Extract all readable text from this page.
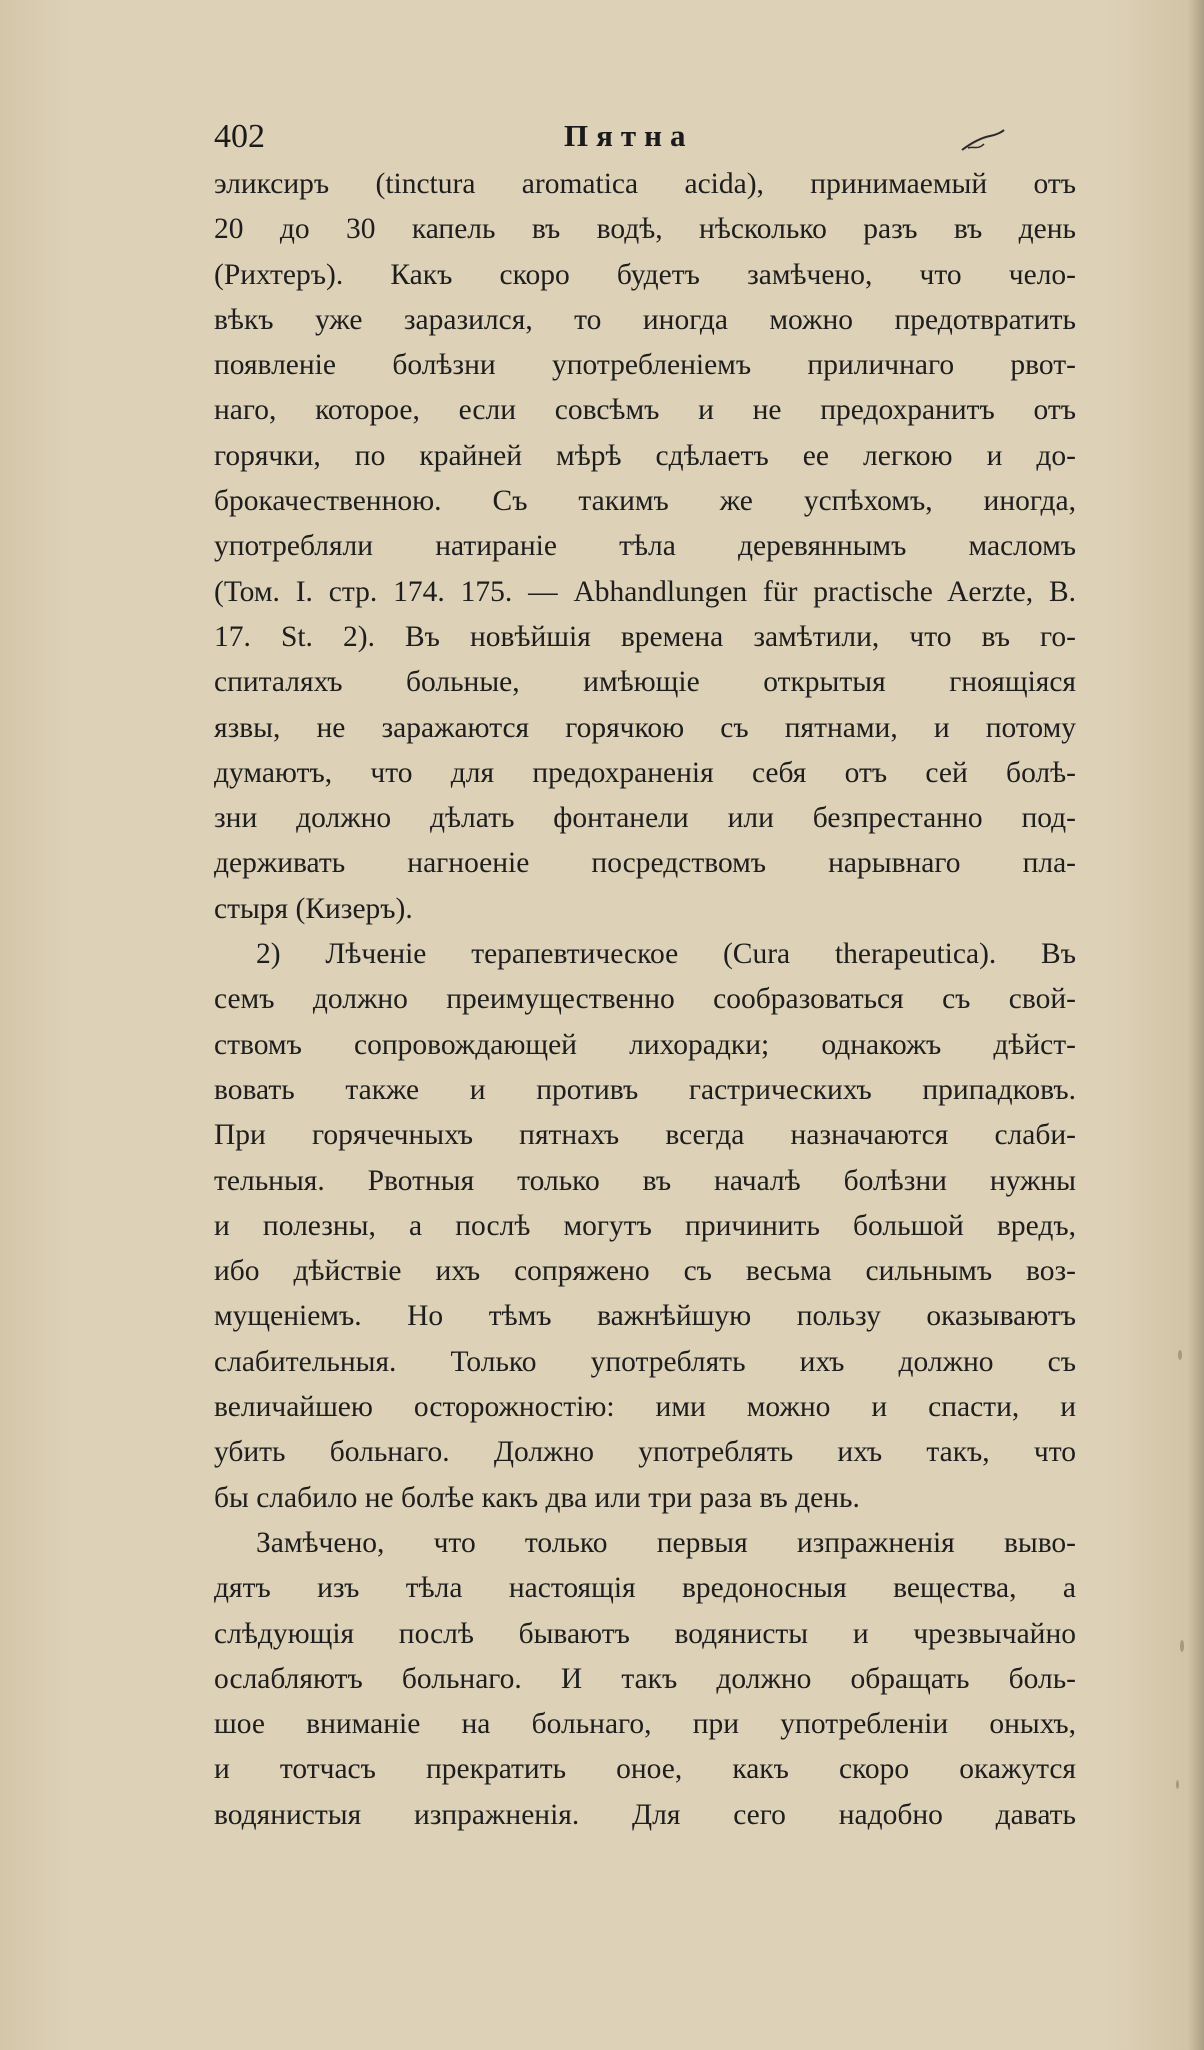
402	Пятна
эликсиръ (tinctura aromatica acida), принимаемый отъ
20 до 30 капель въ водѣ, нѣсколько разъ въ день
(Рихтеръ). Какъ скоро будетъ замѣчено, что чело-
вѣкъ уже заразился, то иногда можно предотвратить
появленіе болѣзни употребленіемъ приличнаго рвот-
наго, которое, если совсѣмъ и не предохранитъ отъ
горячки, по крайней мѣрѣ сдѣлаетъ ее легкою и до-
брокачественною. Съ такимъ же успѣхомъ, иногда,
употребляли натираніе тѣла деревяннымъ масломъ
(Том. I. стр. 174. 175. — Abhandlungen für practische Aerzte, B.
17. St. 2). Въ новѣйшія времена замѣтили, что въ го-
спиталяхъ больные, имѣющіе открытыя гноящіяся
язвы, не заражаются горячкою съ пятнами, и потому
думаютъ, что для предохраненія себя отъ сей болѣ-
зни должно дѣлать фонтанели или безпрестанно под-
держивать нагноеніе посредствомъ нарывнаго пла-
стыря (Кизеръ).
2) Лѣченіе терапевтическое (Cura therapeutica). Въ
семъ должно преимущественно сообразоваться съ свой-
ствомъ сопровождающей лихорадки; однакожъ дѣйст-
вовать также и противъ гастрическихъ припадковъ.
При горячечныхъ пятнахъ всегда назначаются слаби-
тельныя. Рвотныя только въ началѣ болѣзни нужны
и полезны, а послѣ могутъ причинить большой вредъ,
ибо дѣйствіе ихъ сопряжено съ весьма сильнымъ воз-
мущеніемъ. Но тѣмъ важнѣйшую пользу оказываютъ
слабительныя. Только употреблять ихъ должно съ
величайшею осторожностію: ими можно и спасти, и
убить больнаго. Должно употреблять ихъ такъ, что
бы слабило не болѣе какъ два или три раза въ день.
Замѣчено, что только первыя изпражненія выво-
дятъ изъ тѣла настоящія вредоносныя вещества, а
слѣдующія послѣ бываютъ водянисты и чрезвычайно
ослабляютъ больнаго. И такъ должно обращать боль-
шое вниманіе на больнаго, при употребленіи оныхъ,
и тотчасъ прекратить оное, какъ скоро окажутся
водянистыя изпражненія. Для сего надобно давать
